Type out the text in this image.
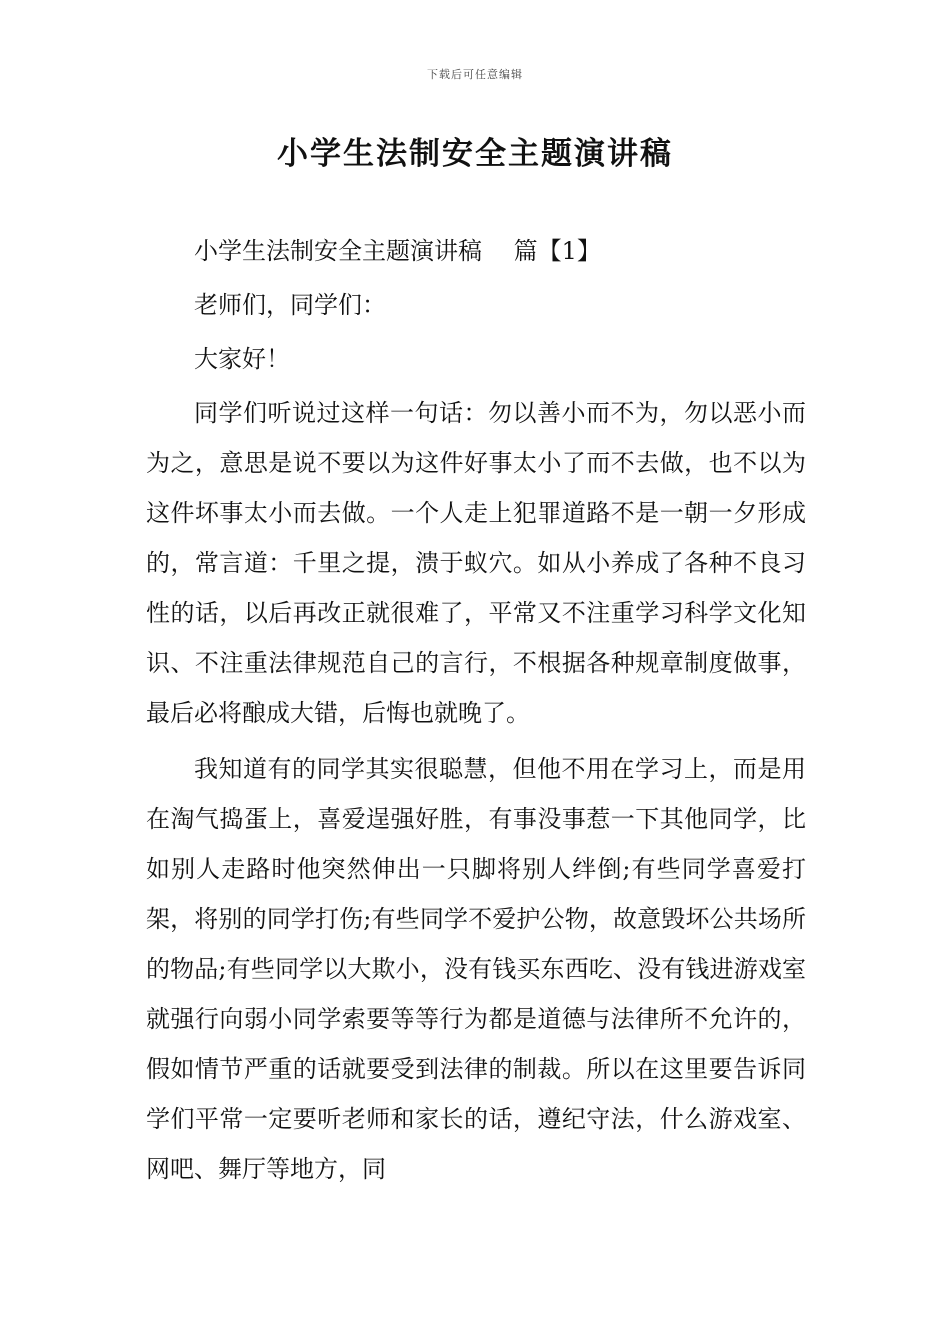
下载后可任意编辑
小学生法制安全主题演讲稿

小学生法制安全主题演讲稿　 篇【1】

老师们，同学们：

大家好！

同学们听说过这样一句话：勿以善小而不为，勿以恶小而为之，意思是说不要以为这件好事太小了而不去做，也不以为这件坏事太小而去做。一个人走上犯罪道路不是一朝一夕形成的，常言道：千里之提，溃于蚁穴。如从小养成了各种不良习性的话，以后再改正就很难了，平常又不注重学习科学文化知识、不注重法律规范自己的言行，不根据各种规章制度做事，最后必将酿成大错，后悔也就晚了。

我知道有的同学其实很聪慧，但他不用在学习上，而是用在淘气捣蛋上，喜爱逞强好胜，有事没事惹一下其他同学，比如别人走路时他突然伸出一只脚将别人绊倒;有些同学喜爱打架，将别的同学打伤;有些同学不爱护公物，故意毁坏公共场所的物品;有些同学以大欺小，没有钱买东西吃、没有钱进游戏室就强行向弱小同学索要等等行为都是道德与法律所不允许的，假如情节严重的话就要受到法律的制裁。所以在这里要告诉同学们平常一定要听老师和家长的话，遵纪守法，什么游戏室、网吧、舞厅等地方，同
